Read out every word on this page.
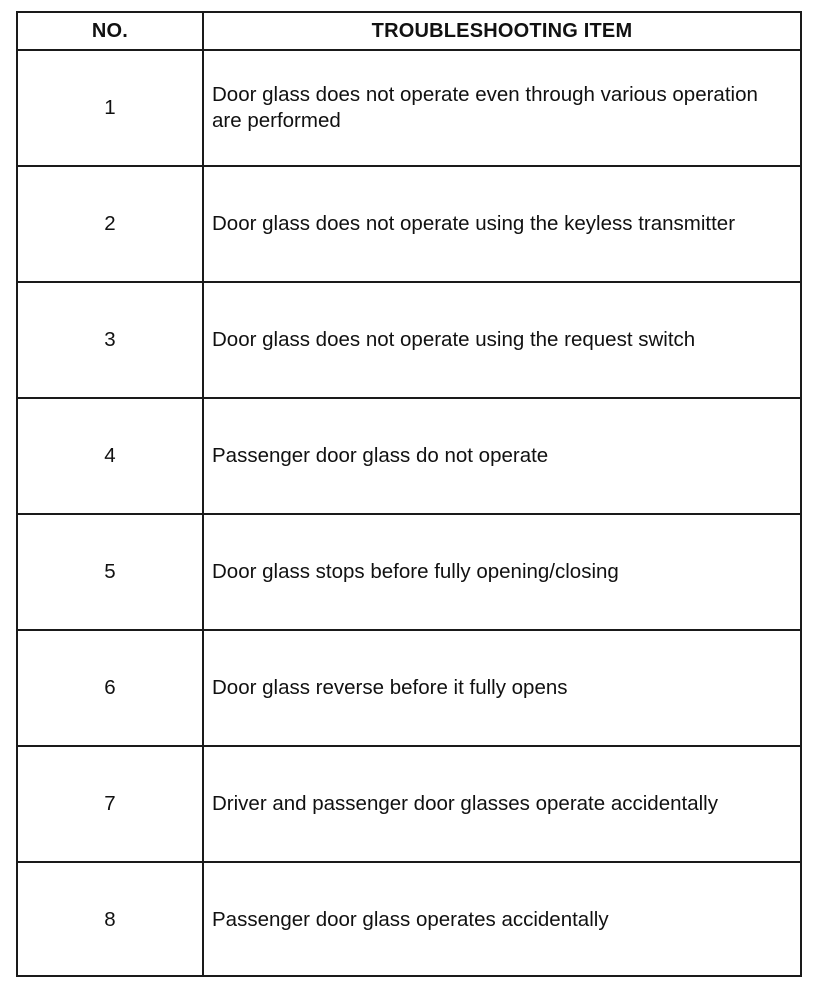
NO.	TROUBLESHOOTING ITEM
1	Door glass does not operate even through various operation are performed
2	Door glass does not operate using the keyless transmitter
3	Door glass does not operate using the request switch
4	Passenger door glass do not operate
5	Door glass stops before fully opening/closing
6	Door glass reverse before it fully opens
7	Driver and passenger door glasses operate accidentally
8	Passenger door glass operates accidentally
